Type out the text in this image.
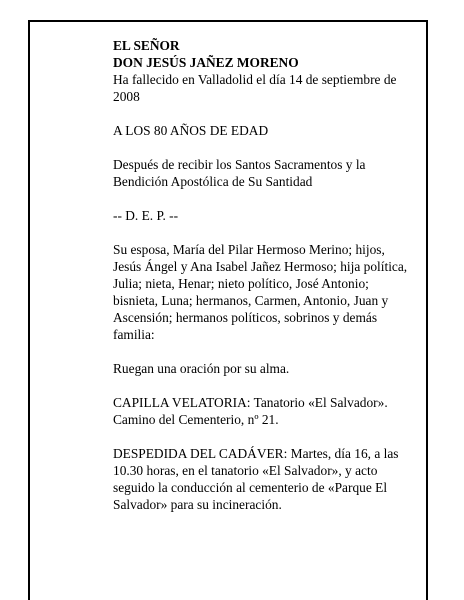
EL SEÑOR

DON JESÚS JAÑEZ MORENO

Ha fallecido en Valladolid el día 14 de septiembre de 2008

A LOS 80 AÑOS DE EDAD

Después de recibir los Santos Sacramentos y la Bendición Apostólica de Su Santidad

-- D. E. P. --

Su esposa, María del Pilar Hermoso Merino; hijos, Jesús Ángel y Ana Isabel Jañez Hermoso; hija política, Julia; nieta, Henar; nieto político, José Antonio; bisnieta, Luna; hermanos, Carmen, Antonio, Juan y Ascensión; hermanos políticos, sobrinos y demás familia:

Ruegan una oración por su alma.

CAPILLA VELATORIA: Tanatorio «El Salvador». Camino del Cementerio, nº 21.

DESPEDIDA DEL CADÁVER: Martes, día 16, a las 10.30 horas, en el tanatorio «El Salvador», y acto seguido la conducción al cementerio de «Parque El Salvador» para su incineración.
